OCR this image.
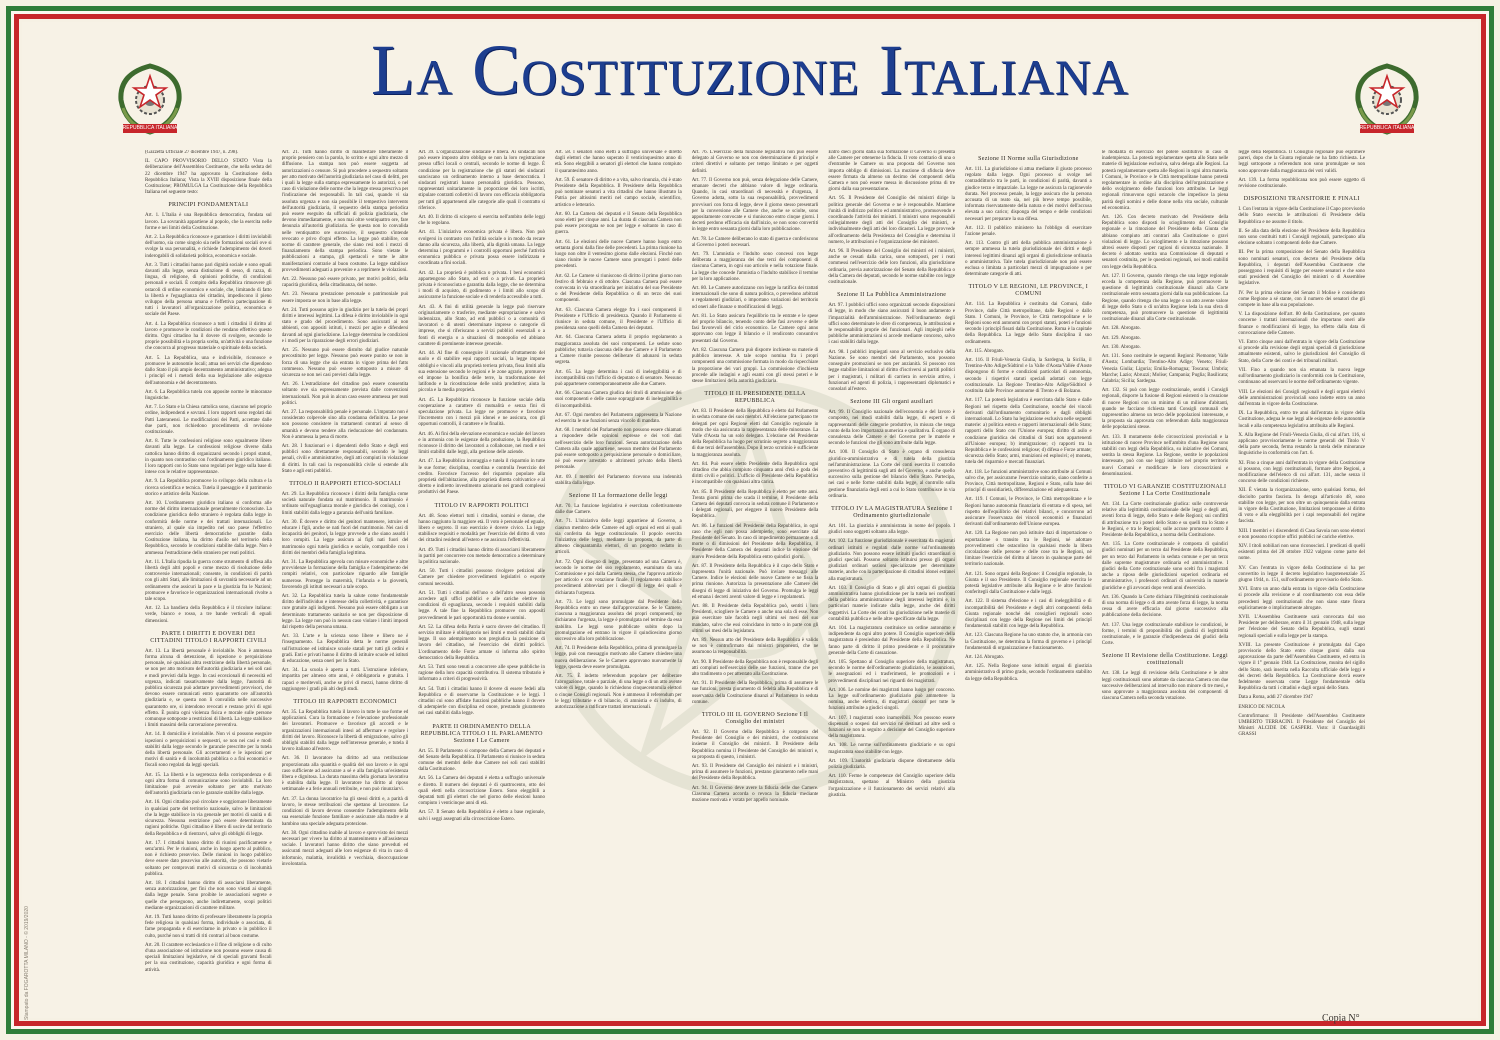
REPUBBLICA ITALIANA	REPUBBLICA ITALIANA
La Costituzione Italiana

(Gazzetta Ufficiale 27 dicembre 1947, n. 298).

IL CAPO PROVVISORIO DELLO STATO Vista la deliberazione dell'Assemblea Costituente, che nella seduta del 22 dicembre 1947 ha approvato la Costituzione della Repubblica Italiana; Vista la XVIII disposizione finale della Costituzione; PROMULGA La Costituzione della Repubblica Italiana nel seguente testo:

PRINCIPI FONDAMENTALI

Art. 1. L'Italia è una Repubblica democratica, fondata sul lavoro. La sovranità appartiene al popolo, che la esercita nelle forme e nei limiti della Costituzione.

Art. 2. La Repubblica riconosce e garantisce i diritti inviolabili dell'uomo, sia come singolo sia nelle formazioni sociali ove si svolge la sua personalità, e richiede l'adempimento dei doveri inderogabili di solidarietà politica, economica e sociale.

Art. 3. Tutti i cittadini hanno pari dignità sociale e sono eguali davanti alla legge, senza distinzione di sesso, di razza, di lingua, di religione, di opinioni politiche, di condizioni personali e sociali. È compito della Repubblica rimuovere gli ostacoli di ordine economico e sociale, che, limitando di fatto la libertà e l'eguaglianza dei cittadini, impediscono il pieno sviluppo della persona umana e l'effettiva partecipazione di tutti i lavoratori all'organizzazione politica, economica e sociale del Paese.

Art. 4. La Repubblica riconosce a tutti i cittadini il diritto al lavoro e promuove le condizioni che rendano effettivo questo diritto. Ogni cittadino ha il dovere di svolgere, secondo le proprie possibilità e la propria scelta, un'attività o una funzione che concorra al progresso materiale o spirituale della società.

Art. 5. La Repubblica, una e indivisibile, riconosce e promuove le autonomie locali; attua nei servizi che dipendono dallo Stato il più ampio decentramento amministrativo; adegua i principî ed i metodi della sua legislazione alle esigenze dell'autonomia e del decentramento.

Art. 6. La Repubblica tutela con apposite norme le minoranze linguistiche.

Art. 7. Lo Stato e la Chiesa cattolica sono, ciascuno nel proprio ordine, indipendenti e sovrani. I loro rapporti sono regolati dai Patti Lateranensi. Le modificazioni dei Patti, accettate dalle due parti, non richiedono procedimento di revisione costituzionale.

Art. 8. Tutte le confessioni religiose sono egualmente libere davanti alla legge. Le confessioni religiose diverse dalla cattolica hanno diritto di organizzarsi secondo i propri statuti, in quanto non contrastino con l'ordinamento giuridico italiano. I loro rapporti con lo Stato sono regolati per legge sulla base di intese con le relative rappresentanze.

Art. 9. La Repubblica promuove lo sviluppo della cultura e la ricerca scientifica e tecnica. Tutela il paesaggio e il patrimonio storico e artistico della Nazione.

Art. 10. L'ordinamento giuridico italiano si conforma alle norme del diritto internazionale generalmente riconosciute. La condizione giuridica dello straniero è regolata dalla legge in conformità delle norme e dei trattati internazionali. Lo straniero, al quale sia impedito nel suo paese l'effettivo esercizio delle libertà democratiche garantite dalla Costituzione italiana, ha diritto d'asilo nel territorio della Repubblica, secondo le condizioni stabilite dalla legge. Non è ammessa l'estradizione dello straniero per reati politici.

Art. 11. L'Italia ripudia la guerra come strumento di offesa alla libertà degli altri popoli e come mezzo di risoluzione delle controversie internazionali; consente, in condizioni di parità con gli altri Stati, alle limitazioni di sovranità necessarie ad un ordinamento che assicuri la pace e la giustizia fra le Nazioni; promuove e favorisce le organizzazioni internazionali rivolte a tale scopo.

Art. 12. La bandiera della Repubblica è il tricolore italiano: verde, bianco e rosso, a tre bande verticali di eguali dimensioni.

PARTE I DIRITTI E DOVERI DEI CITTADINI TITOLO I RAPPORTI CIVILI

Art. 13. La libertà personale è inviolabile. Non è ammessa forma alcuna di detenzione, di ispezione o perquisizione personale, né qualsiasi altra restrizione della libertà personale, se non per atto motivato dell'autorità giudiziaria e nei soli casi e modi previsti dalla legge. In casi eccezionali di necessità ed urgenza, indicati tassativamente dalla legge, l'autorità di pubblica sicurezza può adottare provvedimenti provvisori, che devono essere comunicati entro quarantotto ore all'autorità giudiziaria e, se questa non li convalida nelle successive quarantotto ore, si intendono revocati e restano privi di ogni effetto. È punita ogni violenza fisica e morale sulle persone comunque sottoposte a restrizioni di libertà. La legge stabilisce i limiti massimi della carcerazione preventiva.

Art. 14. Il domicilio è inviolabile. Non vi si possono eseguire ispezioni o perquisizioni o sequestri, se non nei casi e modi stabiliti dalla legge secondo le garanzie prescritte per la tutela della libertà personale. Gli accertamenti e le ispezioni per motivi di sanità e di incolumità pubblica o a fini economici e fiscali sono regolati da leggi speciali.

Art. 15. La libertà e la segretezza della corrispondenza e di ogni altra forma di comunicazione sono inviolabili. La loro limitazione può avvenire soltanto per atto motivato dell'autorità giudiziaria con le garanzie stabilite dalla legge.

Art. 16. Ogni cittadino può circolare e soggiornare liberamente in qualsiasi parte del territorio nazionale, salvo le limitazioni che la legge stabilisce in via generale per motivi di sanità o di sicurezza. Nessuna restrizione può essere determinata da ragioni politiche. Ogni cittadino è libero di uscire dal territorio della Repubblica e di rientrarvi, salvo gli obblighi di legge.

Art. 17. I cittadini hanno diritto di riunirsi pacificamente e senz'armi. Per le riunioni, anche in luogo aperto al pubblico, non è richiesto preavviso. Delle riunioni in luogo pubblico deve essere dato preavviso alle autorità, che possono vietarle soltanto per comprovati motivi di sicurezza o di incolumità pubblica.

Art. 18. I cittadini hanno diritto di associarsi liberamente, senza autorizzazione, per fini che non sono vietati ai singoli dalla legge penale. Sono proibite le associazioni segrete e quelle che perseguono, anche indirettamente, scopi politici mediante organizzazioni di carattere militare.

Art. 19. Tutti hanno diritto di professare liberamente la propria fede religiosa in qualsiasi forma, individuale o associata, di farne propaganda e di esercitarne in privato o in pubblico il culto, purché non si tratti di riti contrari al buon costume.

Art. 20. Il carattere ecclesiastico e il fine di religione o di culto d'una associazione od istituzione non possono essere causa di speciali limitazioni legislative, né di speciali gravami fiscali per la sua costituzione, capacità giuridica e ogni forma di attività.

Art. 21. Tutti hanno diritto di manifestare liberamente il proprio pensiero con la parola, lo scritto e ogni altro mezzo di diffusione. La stampa non può essere soggetta ad autorizzazioni o censure. Si può procedere a sequestro soltanto per atto motivato dell'autorità giudiziaria nel caso di delitti, per i quali la legge sulla stampa espressamente lo autorizzi, o nel caso di violazione delle norme che la legge stessa prescriva per l'indicazione dei responsabili. In tali casi, quando vi sia assoluta urgenza e non sia possibile il tempestivo intervento dell'autorità giudiziaria, il sequestro della stampa periodica può essere eseguito da ufficiali di polizia giudiziaria, che devono immediatamente, e non mai oltre ventiquattro ore, fare denunzia all'autorità giudiziaria. Se questa non lo convalida nelle ventiquattro ore successive, il sequestro s'intende revocato e privo d'ogni effetto. La legge può stabilire, con norme di carattere generale, che siano resi noti i mezzi di finanziamento della stampa periodica. Sono vietate le pubblicazioni a stampa, gli spettacoli e tutte le altre manifestazioni contrarie al buon costume. La legge stabilisce provvedimenti adeguati a prevenire e a reprimere le violazioni.

Art. 22. Nessuno può essere privato, per motivi politici, della capacità giuridica, della cittadinanza, del nome.

Art. 23. Nessuna prestazione personale o patrimoniale può essere imposta se non in base alla legge.

Art. 24. Tutti possono agire in giudizio per la tutela dei propri diritti e interessi legittimi. La difesa è diritto inviolabile in ogni stato e grado del procedimento. Sono assicurati ai non abbienti, con appositi istituti, i mezzi per agire e difendersi davanti ad ogni giurisdizione. La legge determina le condizioni e i modi per la riparazione degli errori giudiziari.

Art. 25. Nessuno può essere distolto dal giudice naturale precostituito per legge. Nessuno può essere punito se non in forza di una legge che sia entrata in vigore prima del fatto commesso. Nessuno può essere sottoposto a misure di sicurezza se non nei casi previsti dalla legge.

Art. 26. L'estradizione del cittadino può essere consentita soltanto ove sia espressamente prevista dalle convenzioni internazionali. Non può in alcun caso essere ammessa per reati politici.

Art. 27. La responsabilità penale è personale. L'imputato non è considerato colpevole sino alla condanna definitiva. Le pene non possono consistere in trattamenti contrari al senso di umanità e devono tendere alla rieducazione del condannato. Non è ammessa la pena di morte.

Art. 28. I funzionari e i dipendenti dello Stato e degli enti pubblici sono direttamente responsabili, secondo le leggi penali, civili e amministrative, degli atti compiuti in violazione di diritti. In tali casi la responsabilità civile si estende allo Stato e agli enti pubblici.

TITOLO II RAPPORTI ETICO-SOCIALI

Art. 29. La Repubblica riconosce i diritti della famiglia come società naturale fondata sul matrimonio. Il matrimonio è ordinato sull'eguaglianza morale e giuridica dei coniugi, con i limiti stabiliti dalla legge a garanzia dell'unità familiare.

Art. 30. È dovere e diritto dei genitori mantenere, istruire ed educare i figli, anche se nati fuori del matrimonio. Nei casi di incapacità dei genitori, la legge provvede a che siano assolti i loro compiti. La legge assicura ai figli nati fuori del matrimonio ogni tutela giuridica e sociale, compatibile con i diritti dei membri della famiglia legittima.

Art. 31. La Repubblica agevola con misure economiche e altre provvidenze la formazione della famiglia e l'adempimento dei compiti relativi, con particolare riguardo alle famiglie numerose. Protegge la maternità, l'infanzia e la gioventù, favorendo gli istituti necessari a tale scopo.

Art. 32. La Repubblica tutela la salute come fondamentale diritto dell'individuo e interesse della collettività, e garantisce cure gratuite agli indigenti. Nessuno può essere obbligato a un determinato trattamento sanitario se non per disposizione di legge. La legge non può in nessun caso violare i limiti imposti dal rispetto della persona umana.

Art. 33. L'arte e la scienza sono libere e libero ne è l'insegnamento. La Repubblica detta le norme generali sull'istruzione ed istituisce scuole statali per tutti gli ordini e gradi. Enti e privati hanno il diritto di istituire scuole ed istituti di educazione, senza oneri per lo Stato.

Art. 34. La scuola è aperta a tutti. L'istruzione inferiore, impartita per almeno otto anni, è obbligatoria e gratuita. I capaci e meritevoli, anche se privi di mezzi, hanno diritto di raggiungere i gradi più alti degli studi.

TITOLO III RAPPORTI ECONOMICI

Art. 35. La Repubblica tutela il lavoro in tutte le sue forme ed applicazioni. Cura la formazione e l'elevazione professionale dei lavoratori. Promuove e favorisce gli accordi e le organizzazioni internazionali intesi ad affermare e regolare i diritti del lavoro. Riconosce la libertà di emigrazione, salvo gli obblighi stabiliti dalla legge nell'interesse generale, e tutela il lavoro italiano all'estero.

Art. 36. Il lavoratore ha diritto ad una retribuzione proporzionata alla quantità e qualità del suo lavoro e in ogni caso sufficiente ad assicurare a sé e alla famiglia un'esistenza libera e dignitosa. La durata massima della giornata lavorativa è stabilita dalla legge. Il lavoratore ha diritto al riposo settimanale e a ferie annuali retribuite, e non può rinunziarvi.

Art. 37. La donna lavoratrice ha gli stessi diritti e, a parità di lavoro, le stesse retribuzioni che spettano al lavoratore. Le condizioni di lavoro devono consentire l'adempimento della sua essenziale funzione familiare e assicurare alla madre e al bambino una speciale adeguata protezione.

Art. 38. Ogni cittadino inabile al lavoro e sprovvisto dei mezzi necessari per vivere ha diritto al mantenimento e all'assistenza sociale. I lavoratori hanno diritto che siano preveduti ed assicurati mezzi adeguati alle loro esigenze di vita in caso di infortunio, malattia, invalidità e vecchiaia, disoccupazione involontaria.

Art. 39. L'organizzazione sindacale è libera. Ai sindacati non può essere imposto altro obbligo se non la loro registrazione presso uffici locali o centrali, secondo le norme di legge. È condizione per la registrazione che gli statuti dei sindacati sanciscano un ordinamento interno a base democratica. I sindacati registrati hanno personalità giuridica. Possono, rappresentati unitariamente in proporzione dei loro iscritti, stipulare contratti collettivi di lavoro con efficacia obbligatoria per tutti gli appartenenti alle categorie alle quali il contratto si riferisce.

Art. 40. Il diritto di sciopero si esercita nell'ambito delle leggi che lo regolano.

Art. 41. L'iniziativa economica privata è libera. Non può svolgersi in contrasto con l'utilità sociale o in modo da recare danno alla sicurezza, alla libertà, alla dignità umana. La legge determina i programmi e i controlli opportuni perché l'attività economica pubblica e privata possa essere indirizzata e coordinata a fini sociali.

Art. 42. La proprietà è pubblica o privata. I beni economici appartengono allo Stato, ad enti o a privati. La proprietà privata è riconosciuta e garantita dalla legge, che ne determina i modi di acquisto, di godimento e i limiti allo scopo di assicurarne la funzione sociale e di renderla accessibile a tutti.

Art. 43. A fini di utilità generale la legge può riservare originariamente o trasferire, mediante espropriazione e salvo indennizzo, allo Stato, ad enti pubblici o a comunità di lavoratori o di utenti determinate imprese o categorie di imprese, che si riferiscano a servizi pubblici essenziali o a fonti di energia o a situazioni di monopolio ed abbiano carattere di preminente interesse generale.

Art. 44. Al fine di conseguire il razionale sfruttamento del suolo e di stabilire equi rapporti sociali, la legge impone obblighi e vincoli alla proprietà terriera privata, fissa limiti alla sua estensione secondo le regioni e le zone agrarie, promuove ed impone la bonifica delle terre, la trasformazione del latifondo e la ricostituzione delle unità produttive; aiuta la piccola e la media proprietà.

Art. 45. La Repubblica riconosce la funzione sociale della cooperazione a carattere di mutualità e senza fini di speculazione privata. La legge ne promuove e favorisce l'incremento con i mezzi più idonei e ne assicura, con gli opportuni controlli, il carattere e le finalità.

Art. 46. Ai fini della elevazione economica e sociale del lavoro e in armonia con le esigenze della produzione, la Repubblica riconosce il diritto dei lavoratori a collaborare, nei modi e nei limiti stabiliti dalle leggi, alla gestione delle aziende.

Art. 47. La Repubblica incoraggia e tutela il risparmio in tutte le sue forme; disciplina, coordina e controlla l'esercizio del credito. Favorisce l'accesso del risparmio popolare alla proprietà dell'abitazione, alla proprietà diretta coltivatrice e al diretto e indiretto investimento azionario nei grandi complessi produttivi del Paese.

TITOLO IV RAPPORTI POLITICI

Art. 48. Sono elettori tutti i cittadini, uomini e donne, che hanno raggiunto la maggiore età. Il voto è personale ed eguale, libero e segreto. Il suo esercizio è dovere civico. La legge stabilisce requisiti e modalità per l'esercizio del diritto di voto dei cittadini residenti all'estero e ne assicura l'effettività.

Art. 49. Tutti i cittadini hanno diritto di associarsi liberamente in partiti per concorrere con metodo democratico a determinare la politica nazionale.

Art. 50. Tutti i cittadini possono rivolgere petizioni alle Camere per chiedere provvedimenti legislativi o esporre comuni necessità.

Art. 51. Tutti i cittadini dell'uno o dell'altro sesso possono accedere agli uffici pubblici e alle cariche elettive in condizioni di eguaglianza, secondo i requisiti stabiliti dalla legge. A tale fine la Repubblica promuove con appositi provvedimenti le pari opportunità tra donne e uomini.

Art. 52. La difesa della Patria è sacro dovere del cittadino. Il servizio militare è obbligatorio nei limiti e modi stabiliti dalla legge. Il suo adempimento non pregiudica la posizione di lavoro del cittadino, né l'esercizio dei diritti politici. L'ordinamento delle Forze armate si informa allo spirito democratico della Repubblica.

Art. 53. Tutti sono tenuti a concorrere alle spese pubbliche in ragione della loro capacità contributiva. Il sistema tributario è informato a criteri di progressività.

Art. 54. Tutti i cittadini hanno il dovere di essere fedeli alla Repubblica e di osservarne la Costituzione e le leggi. I cittadini cui sono affidate funzioni pubbliche hanno il dovere di adempierle con disciplina ed onore, prestando giuramento nei casi stabiliti dalla legge.

PARTE II ORDINAMENTO DELLA REPUBBLICA TITOLO I IL PARLAMENTO Sezione I Le Camere

Art. 55. Il Parlamento si compone della Camera dei deputati e del Senato della Repubblica. Il Parlamento si riunisce in seduta comune dei membri delle due Camere nei soli casi stabiliti dalla Costituzione.

Art. 56. La Camera dei deputati è eletta a suffragio universale e diretto. Il numero dei deputati è di quattrocento, otto dei quali eletti nella circoscrizione Estero. Sono eleggibili a deputati tutti gli elettori che nel giorno delle elezioni hanno compiuto i venticinque anni di età.

Art. 57. Il Senato della Repubblica è eletto a base regionale, salvi i seggi assegnati alla circoscrizione Estero.

Art. 58. I senatori sono eletti a suffragio universale e diretto dagli elettori che hanno superato il venticinquesimo anno di età. Sono eleggibili a senatori gli elettori che hanno compiuto il quarantesimo anno.

Art. 59. È senatore di diritto e a vita, salvo rinunzia, chi è stato Presidente della Repubblica. Il Presidente della Repubblica può nominare senatori a vita cittadini che hanno illustrato la Patria per altissimi meriti nel campo sociale, scientifico, artistico e letterario.

Art. 60. La Camera dei deputati e il Senato della Repubblica sono eletti per cinque anni. La durata di ciascuna Camera non può essere prorogata se non per legge e soltanto in caso di guerra.

Art. 61. Le elezioni delle nuove Camere hanno luogo entro settanta giorni dalla fine delle precedenti. La prima riunione ha luogo non oltre il ventesimo giorno dalle elezioni. Finché non siano riunite le nuove Camere sono prorogati i poteri delle precedenti.

Art. 62. Le Camere si riuniscono di diritto il primo giorno non festivo di febbraio e di ottobre. Ciascuna Camera può essere convocata in via straordinaria per iniziativa del suo Presidente o del Presidente della Repubblica o di un terzo dei suoi componenti.

Art. 63. Ciascuna Camera elegge fra i suoi componenti il Presidente e l'Ufficio di presidenza. Quando il Parlamento si riunisce in seduta comune, il Presidente e l'Ufficio di presidenza sono quelli della Camera dei deputati.

Art. 64. Ciascuna Camera adotta il proprio regolamento a maggioranza assoluta dei suoi componenti. Le sedute sono pubbliche; tuttavia ciascuna delle due Camere e il Parlamento a Camere riunite possono deliberare di adunarsi in seduta segreta.

Art. 65. La legge determina i casi di ineleggibilità e di incompatibilità con l'ufficio di deputato o di senatore. Nessuno può appartenere contemporaneamente alle due Camere.

Art. 66. Ciascuna Camera giudica dei titoli di ammissione dei suoi componenti e delle cause sopraggiunte di ineleggibilità e di incompatibilità.

Art. 67. Ogni membro del Parlamento rappresenta la Nazione ed esercita le sue funzioni senza vincolo di mandato.

Art. 68. I membri del Parlamento non possono essere chiamati a rispondere delle opinioni espresse e dei voti dati nell'esercizio delle loro funzioni. Senza autorizzazione della Camera alla quale appartiene, nessun membro del Parlamento può essere sottoposto a perquisizione personale o domiciliare, né può essere arrestato o altrimenti privato della libertà personale.

Art. 69. I membri del Parlamento ricevono una indennità stabilita dalla legge.

Sezione II La formazione delle leggi

Art. 70. La funzione legislativa è esercitata collettivamente dalle due Camere.

Art. 71. L'iniziativa delle leggi appartiene al Governo, a ciascun membro delle Camere ed agli organi ed enti ai quali sia conferita da legge costituzionale. Il popolo esercita l'iniziativa delle leggi, mediante la proposta, da parte di almeno cinquantamila elettori, di un progetto redatto in articoli.

Art. 72. Ogni disegno di legge, presentato ad una Camera è, secondo le norme del suo regolamento, esaminato da una Commissione e poi dalla Camera stessa, che l'approva articolo per articolo e con votazione finale. Il regolamento stabilisce procedimenti abbreviati per i disegni di legge dei quali è dichiarata l'urgenza.

Art. 73. Le leggi sono promulgate dal Presidente della Repubblica entro un mese dall'approvazione. Se le Camere, ciascuna a maggioranza assoluta dei propri componenti, ne dichiarano l'urgenza, la legge è promulgata nel termine da essa stabilito. Le leggi sono pubblicate subito dopo la promulgazione ed entrano in vigore il quindicesimo giorno successivo alla loro pubblicazione.

Art. 74. Il Presidente della Repubblica, prima di promulgare la legge, può con messaggio motivato alle Camere chiedere una nuova deliberazione. Se le Camere approvano nuovamente la legge, questa deve essere promulgata.

Art. 75. È indetto referendum popolare per deliberare l'abrogazione, totale o parziale, di una legge o di un atto avente valore di legge, quando lo richiedono cinquecentomila elettori o cinque Consigli regionali. Non è ammesso il referendum per le leggi tributarie e di bilancio, di amnistia e di indulto, di autorizzazione a ratificare trattati internazionali.

Art. 76. L'esercizio della funzione legislativa non può essere delegato al Governo se non con determinazione di principî e criteri direttivi e soltanto per tempo limitato e per oggetti definiti.

Art. 77. Il Governo non può, senza delegazione delle Camere, emanare decreti che abbiano valore di legge ordinaria. Quando, in casi straordinari di necessità e d'urgenza, il Governo adotta, sotto la sua responsabilità, provvedimenti provvisori con forza di legge, deve il giorno stesso presentarli per la conversione alle Camere che, anche se sciolte, sono appositamente convocate e si riuniscono entro cinque giorni. I decreti perdono efficacia sin dall'inizio, se non sono convertiti in legge entro sessanta giorni dalla loro pubblicazione.

Art. 78. Le Camere deliberano lo stato di guerra e conferiscono al Governo i poteri necessari.

Art. 79. L'amnistia e l'indulto sono concessi con legge deliberata a maggioranza dei due terzi dei componenti di ciascuna Camera, in ogni suo articolo e nella votazione finale. La legge che concede l'amnistia o l'indulto stabilisce il termine per la loro applicazione.

Art. 80. Le Camere autorizzano con legge la ratifica dei trattati internazionali che sono di natura politica, o prevedono arbitrati o regolamenti giudiziari, o importano variazioni del territorio od oneri alle finanze o modificazioni di leggi.

Art. 81. Lo Stato assicura l'equilibrio tra le entrate e le spese del proprio bilancio, tenendo conto delle fasi avverse e delle fasi favorevoli del ciclo economico. Le Camere ogni anno approvano con legge il bilancio e il rendiconto consuntivo presentati dal Governo.

Art. 82. Ciascuna Camera può disporre inchieste su materie di pubblico interesse. A tale scopo nomina fra i propri componenti una commissione formata in modo da rispecchiare la proporzione dei vari gruppi. La commissione d'inchiesta procede alle indagini e agli esami con gli stessi poteri e le stesse limitazioni della autorità giudiziaria.

TITOLO II IL PRESIDENTE DELLA REPUBBLICA

Art. 83. Il Presidente della Repubblica è eletto dal Parlamento in seduta comune dei suoi membri. All'elezione partecipano tre delegati per ogni Regione eletti dal Consiglio regionale in modo che sia assicurata la rappresentanza delle minoranze. La Valle d'Aosta ha un solo delegato. L'elezione del Presidente della Repubblica ha luogo per scrutinio segreto a maggioranza di due terzi dell'assemblea. Dopo il terzo scrutinio è sufficiente la maggioranza assoluta.

Art. 84. Può essere eletto Presidente della Repubblica ogni cittadino che abbia compiuto cinquanta anni d'età e goda dei diritti civili e politici. L'ufficio di Presidente della Repubblica è incompatibile con qualsiasi altra carica.

Art. 85. Il Presidente della Repubblica è eletto per sette anni. Trenta giorni prima che scada il termine, il Presidente della Camera dei deputati convoca in seduta comune il Parlamento e i delegati regionali, per eleggere il nuovo Presidente della Repubblica.

Art. 86. Le funzioni del Presidente della Repubblica, in ogni caso che egli non possa adempierle, sono esercitate dal Presidente del Senato. In caso di impedimento permanente o di morte o di dimissioni del Presidente della Repubblica, il Presidente della Camera dei deputati indice la elezione del nuovo Presidente della Repubblica entro quindici giorni.

Art. 87. Il Presidente della Repubblica è il capo dello Stato e rappresenta l'unità nazionale. Può inviare messaggi alle Camere. Indice le elezioni delle nuove Camere e ne fissa la prima riunione. Autorizza la presentazione alle Camere dei disegni di legge di iniziativa del Governo. Promulga le leggi ed emana i decreti aventi valore di legge e i regolamenti.

Art. 88. Il Presidente della Repubblica può, sentiti i loro Presidenti, sciogliere le Camere o anche una sola di esse. Non può esercitare tale facoltà negli ultimi sei mesi del suo mandato, salvo che essi coincidano in tutto o in parte con gli ultimi sei mesi della legislatura.

Art. 89. Nessun atto del Presidente della Repubblica è valido se non è controfirmato dai ministri proponenti, che ne assumono la responsabilità.

Art. 90. Il Presidente della Repubblica non è responsabile degli atti compiuti nell'esercizio delle sue funzioni, tranne che per alto tradimento o per attentato alla Costituzione.

Art. 91. Il Presidente della Repubblica, prima di assumere le sue funzioni, presta giuramento di fedeltà alla Repubblica e di osservanza della Costituzione dinanzi al Parlamento in seduta comune.

TITOLO III IL GOVERNO Sezione I Il Consiglio dei ministri

Art. 92. Il Governo della Repubblica è composto del Presidente del Consiglio e dei ministri, che costituiscono insieme il Consiglio dei ministri. Il Presidente della Repubblica nomina il Presidente del Consiglio dei ministri e, su proposta di questo, i ministri.

Art. 93. Il Presidente del Consiglio dei ministri e i ministri, prima di assumere le funzioni, prestano giuramento nelle mani del Presidente della Repubblica.

Art. 94. Il Governo deve avere la fiducia delle due Camere. Ciascuna Camera accorda o revoca la fiducia mediante mozione motivata e votata per appello nominale.

Entro dieci giorni dalla sua formazione il Governo si presenta alle Camere per ottenerne la fiducia. Il voto contrario di una o d'entrambe le Camere su una proposta del Governo non importa obbligo di dimissioni. La mozione di sfiducia deve essere firmata da almeno un decimo dei componenti della Camera e non può essere messa in discussione prima di tre giorni dalla sua presentazione.

Art. 95. Il Presidente del Consiglio dei ministri dirige la politica generale del Governo e ne è responsabile. Mantiene l'unità di indirizzo politico ed amministrativo, promuovendo e coordinando l'attività dei ministri. I ministri sono responsabili collegialmente degli atti del Consiglio dei ministri, e individualmente degli atti dei loro dicasteri. La legge provvede all'ordinamento della Presidenza del Consiglio e determina il numero, le attribuzioni e l'organizzazione dei ministeri.

Art. 96. Il Presidente del Consiglio dei ministri ed i ministri, anche se cessati dalla carica, sono sottoposti, per i reati commessi nell'esercizio delle loro funzioni, alla giurisdizione ordinaria, previa autorizzazione del Senato della Repubblica o della Camera dei deputati, secondo le norme stabilite con legge costituzionale.

Sezione II La Pubblica Amministrazione

Art. 97. I pubblici uffici sono organizzati secondo disposizioni di legge, in modo che siano assicurati il buon andamento e l'imparzialità dell'amministrazione. Nell'ordinamento degli uffici sono determinate le sfere di competenza, le attribuzioni e le responsabilità proprie dei funzionari. Agli impieghi nelle pubbliche amministrazioni si accede mediante concorso, salvo i casi stabiliti dalla legge.

Art. 98. I pubblici impiegati sono al servizio esclusivo della Nazione. Se sono membri del Parlamento, non possono conseguire promozioni se non per anzianità. Si possono con legge stabilire limitazioni al diritto d'iscriversi ai partiti politici per i magistrati, i militari di carriera in servizio attivo, i funzionari ed agenti di polizia, i rappresentanti diplomatici e consolari all'estero.

Sezione III Gli organi ausiliari

Art. 99. Il Consiglio nazionale dell'economia e del lavoro è composto, nei modi stabiliti dalla legge, di esperti e di rappresentanti delle categorie produttive, in misura che tenga conto della loro importanza numerica e qualitativa. È organo di consulenza delle Camere e del Governo per le materie e secondo le funzioni che gli sono attribuite dalla legge.

Art. 100. Il Consiglio di Stato è organo di consulenza giuridico-amministrativa e di tutela della giustizia nell'amministrazione. La Corte dei conti esercita il controllo preventivo di legittimità sugli atti del Governo, e anche quello successivo sulla gestione del bilancio dello Stato. Partecipa, nei casi e nelle forme stabiliti dalla legge, al controllo sulla gestione finanziaria degli enti a cui lo Stato contribuisce in via ordinaria.

TITOLO IV LA MAGISTRATURA Sezione I Ordinamento giurisdizionale

Art. 101. La giustizia è amministrata in nome del popolo. I giudici sono soggetti soltanto alla legge.

Art. 102. La funzione giurisdizionale è esercitata da magistrati ordinari istituiti e regolati dalle norme sull'ordinamento giudiziario. Non possono essere istituiti giudici straordinari o giudici speciali. Possono soltanto istituirsi presso gli organi giudiziari ordinari sezioni specializzate per determinate materie, anche con la partecipazione di cittadini idonei estranei alla magistratura.

Art. 103. Il Consiglio di Stato e gli altri organi di giustizia amministrativa hanno giurisdizione per la tutela nei confronti della pubblica amministrazione degli interessi legittimi e, in particolari materie indicate dalla legge, anche dei diritti soggettivi. La Corte dei conti ha giurisdizione nelle materie di contabilità pubblica e nelle altre specificate dalla legge.

Art. 104. La magistratura costituisce un ordine autonomo e indipendente da ogni altro potere. Il Consiglio superiore della magistratura è presieduto dal Presidente della Repubblica. Ne fanno parte di diritto il primo presidente e il procuratore generale della Corte di cassazione.

Art. 105. Spettano al Consiglio superiore della magistratura, secondo le norme dell'ordinamento giudiziario, le assunzioni, le assegnazioni ed i trasferimenti, le promozioni e i provvedimenti disciplinari nei riguardi dei magistrati.

Art. 106. Le nomine dei magistrati hanno luogo per concorso. La legge sull'ordinamento giudiziario può ammettere la nomina, anche elettiva, di magistrati onorari per tutte le funzioni attribuite a giudici singoli.

Art. 107. I magistrati sono inamovibili. Non possono essere dispensati o sospesi dal servizio né destinati ad altre sedi o funzioni se non in seguito a decisione del Consiglio superiore della magistratura.

Art. 108. Le norme sull'ordinamento giudiziario e su ogni magistratura sono stabilite con legge.

Art. 109. L'autorità giudiziaria dispone direttamente della polizia giudiziaria.

Art. 110. Ferme le competenze del Consiglio superiore della magistratura, spettano al Ministro della giustizia l'organizzazione e il funzionamento dei servizi relativi alla giustizia.

Sezione II Norme sulla Giurisdizione

Art. 111. La giurisdizione si attua mediante il giusto processo regolato dalla legge. Ogni processo si svolge nel contraddittorio tra le parti, in condizioni di parità, davanti a giudice terzo e imparziale. La legge ne assicura la ragionevole durata. Nel processo penale, la legge assicura che la persona accusata di un reato sia, nel più breve tempo possibile, informata riservatamente della natura e dei motivi dell'accusa elevata a suo carico; disponga del tempo e delle condizioni necessari per preparare la sua difesa.

Art. 112. Il pubblico ministero ha l'obbligo di esercitare l'azione penale.

Art. 113. Contro gli atti della pubblica amministrazione è sempre ammessa la tutela giurisdizionale dei diritti e degli interessi legittimi dinanzi agli organi di giurisdizione ordinaria o amministrativa. Tale tutela giurisdizionale non può essere esclusa o limitata a particolari mezzi di impugnazione o per determinate categorie di atti.

TITOLO V LE REGIONI, LE PROVINCE, I COMUNI

Art. 114. La Repubblica è costituita dai Comuni, dalle Province, dalle Città metropolitane, dalle Regioni e dallo Stato. I Comuni, le Province, le Città metropolitane e le Regioni sono enti autonomi con propri statuti, poteri e funzioni secondo i principî fissati dalla Costituzione. Roma è la capitale della Repubblica. La legge dello Stato disciplina il suo ordinamento.

Art. 115. Abrogato.

Art. 116. Il Friuli-Venezia Giulia, la Sardegna, la Sicilia, il Trentino-Alto Adige/Südtirol e la Valle d'Aosta/Vallée d'Aoste dispongono di forme e condizioni particolari di autonomia, secondo i rispettivi statuti speciali adottati con legge costituzionale. La Regione Trentino-Alto Adige/Südtirol è costituita dalle Province autonome di Trento e di Bolzano.

Art. 117. La potestà legislativa è esercitata dallo Stato e dalle Regioni nel rispetto della Costituzione, nonché dei vincoli derivanti dall'ordinamento comunitario e dagli obblighi internazionali. Lo Stato ha legislazione esclusiva nelle seguenti materie: a) politica estera e rapporti internazionali dello Stato; rapporti dello Stato con l'Unione europea; diritto di asilo e condizione giuridica dei cittadini di Stati non appartenenti all'Unione europea; b) immigrazione; c) rapporti tra la Repubblica e le confessioni religiose; d) difesa e Forze armate; sicurezza dello Stato; armi, munizioni ed esplosivi; e) moneta, tutela del risparmio e mercati finanziari.

Art. 118. Le funzioni amministrative sono attribuite ai Comuni salvo che, per assicurarne l'esercizio unitario, siano conferite a Province, Città metropolitane, Regioni e Stato, sulla base dei principî di sussidiarietà, differenziazione ed adeguatezza.

Art. 119. I Comuni, le Province, le Città metropolitane e le Regioni hanno autonomia finanziaria di entrata e di spesa, nel rispetto dell'equilibrio dei relativi bilanci, e concorrono ad assicurare l'osservanza dei vincoli economici e finanziari derivanti dall'ordinamento dell'Unione europea.

Art. 120. La Regione non può istituire dazi di importazione o esportazione o transito tra le Regioni, né adottare provvedimenti che ostacolino in qualsiasi modo la libera circolazione delle persone e delle cose tra le Regioni, né limitare l'esercizio del diritto al lavoro in qualunque parte del territorio nazionale.

Art. 121. Sono organi della Regione: il Consiglio regionale, la Giunta e il suo Presidente. Il Consiglio regionale esercita le potestà legislative attribuite alla Regione e le altre funzioni conferitegli dalla Costituzione e dalle leggi.

Art. 122. Il sistema d'elezione e i casi di ineleggibilità e di incompatibilità del Presidente e degli altri componenti della Giunta regionale nonché dei consiglieri regionali sono disciplinati con legge della Regione nei limiti dei principî fondamentali stabiliti con legge della Repubblica.

Art. 123. Ciascuna Regione ha uno statuto che, in armonia con la Costituzione, ne determina la forma di governo e i principî fondamentali di organizzazione e funzionamento.

Art. 124. Abrogato.

Art. 125. Nella Regione sono istituiti organi di giustizia amministrativa di primo grado, secondo l'ordinamento stabilito da legge della Repubblica.

le modalità di esercizio del potere sostitutivo in caso di inadempienza. La potestà regolamentare spetta allo Stato nelle materie di legislazione esclusiva, salva delega alle Regioni. La potestà regolamentare spetta alle Regioni in ogni altra materia. I Comuni, le Province e le Città metropolitane hanno potestà regolamentare in ordine alla disciplina dell'organizzazione e dello svolgimento delle funzioni loro attribuite. Le leggi regionali rimuovono ogni ostacolo che impedisce la piena parità degli uomini e delle donne nella vita sociale, culturale ed economica.

Art. 126. Con decreto motivato del Presidente della Repubblica sono disposti lo scioglimento del Consiglio regionale e la rimozione del Presidente della Giunta che abbiano compiuto atti contrari alla Costituzione o gravi violazioni di legge. Lo scioglimento e la rimozione possono altresì essere disposti per ragioni di sicurezza nazionale. Il decreto è adottato sentita una Commissione di deputati e senatori costituita, per le questioni regionali, nei modi stabiliti con legge della Repubblica.

Art. 127. Il Governo, quando ritenga che una legge regionale ecceda la competenza della Regione, può promuovere la questione di legittimità costituzionale dinanzi alla Corte costituzionale entro sessanta giorni dalla sua pubblicazione. La Regione, quando ritenga che una legge o un atto avente valore di legge dello Stato o di un'altra Regione leda la sua sfera di competenza, può promuovere la questione di legittimità costituzionale dinanzi alla Corte costituzionale.

Art. 128. Abrogato.

Art. 129. Abrogato.

Art. 130. Abrogato.

Art. 131. Sono costituite le seguenti Regioni: Piemonte; Valle d'Aosta; Lombardia; Trentino-Alto Adige; Veneto; Friuli-Venezia Giulia; Liguria; Emilia-Romagna; Toscana; Umbria; Marche; Lazio; Abruzzi; Molise; Campania; Puglia; Basilicata; Calabria; Sicilia; Sardegna.

Art. 132. Si può con legge costituzionale, sentiti i Consigli regionali, disporre la fusione di Regioni esistenti o la creazione di nuove Regioni con un minimo di un milione d'abitanti, quando ne facciano richiesta tanti Consigli comunali che rappresentino almeno un terzo delle popolazioni interessate, e la proposta sia approvata con referendum dalla maggioranza delle popolazioni stesse.

Art. 133. Il mutamento delle circoscrizioni provinciali e la istituzione di nuove Province nell'ambito d'una Regione sono stabiliti con leggi della Repubblica, su iniziative dei Comuni, sentita la stessa Regione. La Regione, sentite le popolazioni interessate, può con sue leggi istituire nel proprio territorio nuovi Comuni e modificare le loro circoscrizioni e denominazioni.

TITOLO VI GARANZIE COSTITUZIONALI Sezione I La Corte Costituzionale

Art. 134. La Corte costituzionale giudica: sulle controversie relative alla legittimità costituzionale delle leggi e degli atti, aventi forza di legge, dello Stato e delle Regioni; sui conflitti di attribuzione tra i poteri dello Stato e su quelli tra lo Stato e le Regioni, e tra le Regioni; sulle accuse promosse contro il Presidente della Repubblica, a norma della Costituzione.

Art. 135. La Corte costituzionale è composta di quindici giudici nominati per un terzo dal Presidente della Repubblica, per un terzo dal Parlamento in seduta comune e per un terzo dalle supreme magistrature ordinaria ed amministrative. I giudici della Corte costituzionale sono scelti fra i magistrati anche a riposo delle giurisdizioni superiori ordinaria ed amministrative, i professori ordinari di università in materie giuridiche e gli avvocati dopo venti anni d'esercizio.

Art. 136. Quando la Corte dichiara l'illegittimità costituzionale di una norma di legge o di atto avente forza di legge, la norma cessa di avere efficacia dal giorno successivo alla pubblicazione della decisione.

Art. 137. Una legge costituzionale stabilisce le condizioni, le forme, i termini di proponibilità dei giudizi di legittimità costituzionale, e le garanzie d'indipendenza dei giudici della Corte.

Sezione II Revisione della Costituzione. Leggi costituzionali

Art. 138. Le leggi di revisione della Costituzione e le altre leggi costituzionali sono adottate da ciascuna Camera con due successive deliberazioni ad intervallo non minore di tre mesi, e sono approvate a maggioranza assoluta dei componenti di ciascuna Camera nella seconda votazione.

legge della Repubblica. Il Consiglio regionale può esprimere pareri, dopo che la Giunta regionale ne ha fatto richiesta. Le leggi sottoposte a referendum non sono promulgate se non sono approvate dalla maggioranza dei voti validi.

Art. 139. La forma repubblicana non può essere oggetto di revisione costituzionale.

DISPOSIZIONI TRANSITORIE E FINALI

I. Con l'entrata in vigore della Costituzione il Capo provvisorio dello Stato esercita le attribuzioni di Presidente della Repubblica e ne assume il titolo.

II. Se alla data della elezione del Presidente della Repubblica non sono costituiti tutti i Consigli regionali, partecipano alla elezione soltanto i componenti delle due Camere.

III. Per la prima composizione del Senato della Repubblica sono nominati senatori, con decreto del Presidente della Repubblica, i deputati dell'Assemblea Costituente che posseggono i requisiti di legge per essere senatori e che sono stati presidenti del Consiglio dei ministri o di Assemblee legislative.

IV. Per la prima elezione del Senato il Molise è considerato come Regione a sé stante, con il numero dei senatori che gli compete in base alla sua popolazione.

V. La disposizione dell'art. 80 della Costituzione, per quanto concerne i trattati internazionali che importano oneri alle finanze o modificazioni di legge, ha effetto dalla data di convocazione delle Camere.

VI. Entro cinque anni dall'entrata in vigore della Costituzione si procede alla revisione degli organi speciali di giurisdizione attualmente esistenti, salvo le giurisdizioni del Consiglio di Stato, della Corte dei conti e dei tribunali militari.

VII. Fino a quando non sia emanata la nuova legge sull'ordinamento giudiziario in conformità con la Costituzione, continuano ad osservarsi le norme dell'ordinamento vigente.

VIII. Le elezioni dei Consigli regionali e degli organi elettivi delle amministrazioni provinciali sono indette entro un anno dall'entrata in vigore della Costituzione.

IX. La Repubblica, entro tre anni dall'entrata in vigore della Costituzione, adegua le sue leggi alle esigenze delle autonomie locali e alla competenza legislativa attribuita alle Regioni.

X. Alla Regione del Friuli-Venezia Giulia, di cui all'art. 116, si applicano provvisoriamente le norme generali del Titolo V della parte seconda, ferma restando la tutela delle minoranze linguistiche in conformità con l'art. 6.

XI. Fino a cinque anni dall'entrata in vigore della Costituzione si possono, con leggi costituzionali, formare altre Regioni, a modificazione dell'elenco di cui all'art. 131, anche senza il concorso delle condizioni richieste.

XII. È vietata la riorganizzazione, sotto qualsiasi forma, del disciolto partito fascista. In deroga all'articolo 48, sono stabilite con legge, per non oltre un quinquennio dalla entrata in vigore della Costituzione, limitazioni temporanee al diritto di voto e alla eleggibilità per i capi responsabili del regime fascista.

XIII. I membri e i discendenti di Casa Savoia non sono elettori e non possono ricoprire uffici pubblici né cariche elettive.

XIV. I titoli nobiliari non sono riconosciuti. I predicati di quelli esistenti prima del 28 ottobre 1922 valgono come parte del nome.

XV. Con l'entrata in vigore della Costituzione si ha per convertito in legge il decreto legislativo luogotenenziale 25 giugno 1944, n. 151, sull'ordinamento provvisorio dello Stato.

XVI. Entro un anno dalla entrata in vigore della Costituzione si procede alla revisione e al coordinamento con essa delle precedenti leggi costituzionali che non siano state finora esplicitamente o implicitamente abrogate.

XVII. L'Assemblea Costituente sarà convocata dal suo Presidente per deliberare, entro il 31 gennaio 1948, sulla legge per l'elezione del Senato della Repubblica, sugli statuti regionali speciali e sulla legge per la stampa.

XVIII. La presente Costituzione è promulgata dal Capo provvisorio dello Stato entro cinque giorni dalla sua approvazione da parte dell'Assemblea Costituente, ed entra in vigore il 1° gennaio 1948. La Costituzione, munita del sigillo dello Stato, sarà inserita nella Raccolta ufficiale delle leggi e dei decreti della Repubblica. La Costituzione dovrà essere fedelmente osservata come Legge fondamentale della Repubblica da tutti i cittadini e dagli organi dello Stato.

Data a Roma, addì 27 dicembre 1947

ENRICO DE NICOLA

Controfirmano: Il Presidente dell'Assemblea Costituente UMBERTO TERRACINI. Il Presidente del Consiglio dei Ministri ALCIDE DE GASPERI. Visto: il Guardasigilli GRASSI

Stampato da FOGAROTTA MILANO - © 2019/2020	Copia N°
